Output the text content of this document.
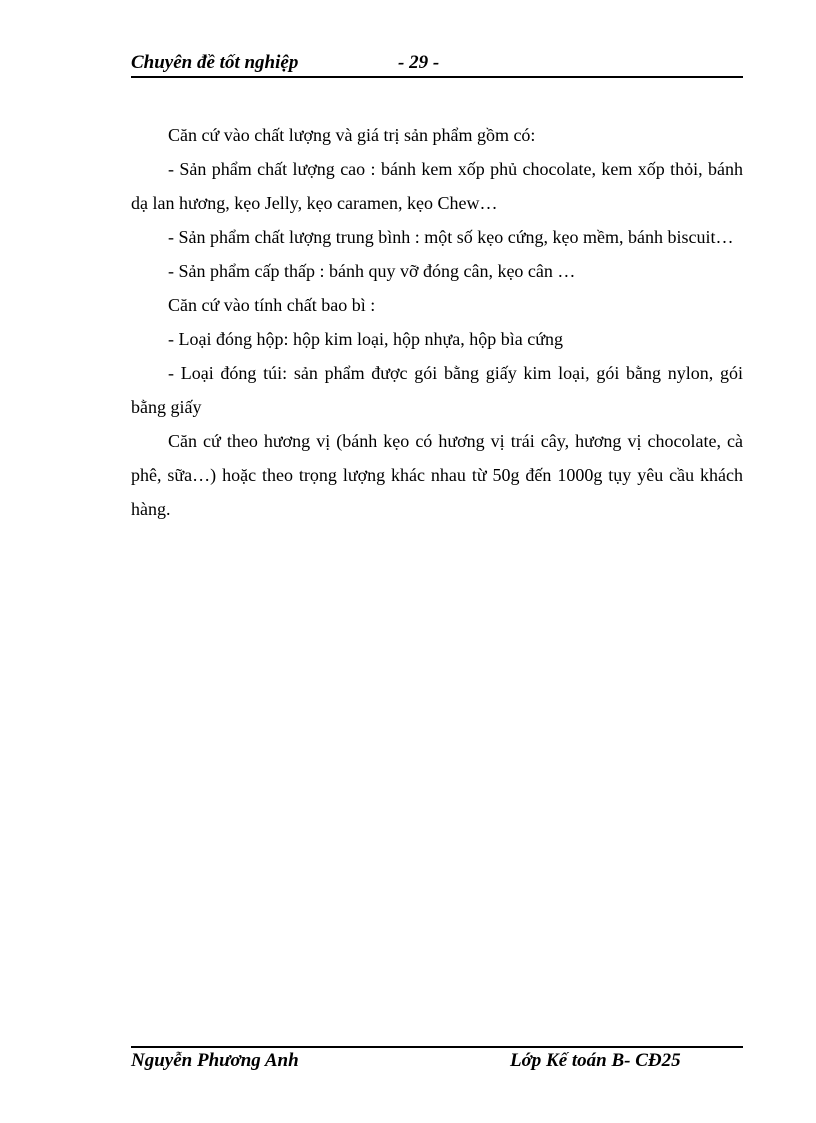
Chuyên đề tốt nghiệp	- 29 -

Căn cứ vào chất lượng và giá trị sản phẩm gồm có:

- Sản phẩm chất lượng cao : bánh kem xốp phủ chocolate, kem xốp thỏi, bánh dạ lan hương, kẹo Jelly, kẹo caramen, kẹo Chew…

- Sản phẩm chất lượng trung bình : một số kẹo cứng, kẹo mềm, bánh biscuit…

- Sản phẩm cấp thấp : bánh quy vỡ đóng cân, kẹo cân …

Căn cứ vào tính chất bao bì :

- Loại đóng hộp: hộp kim loại, hộp nhựa, hộp bìa cứng

- Loại đóng túi: sản phẩm được gói bằng giấy kim loại, gói bằng nylon, gói bằng giấy

Căn cứ theo hương vị (bánh kẹo có hương vị trái cây, hương vị chocolate, cà phê, sữa…) hoặc theo trọng lượng khác nhau từ 50g đến 1000g tụy yêu cầu khách hàng.

Nguyễn Phương Anh	Lớp Kế toán B- CĐ25
